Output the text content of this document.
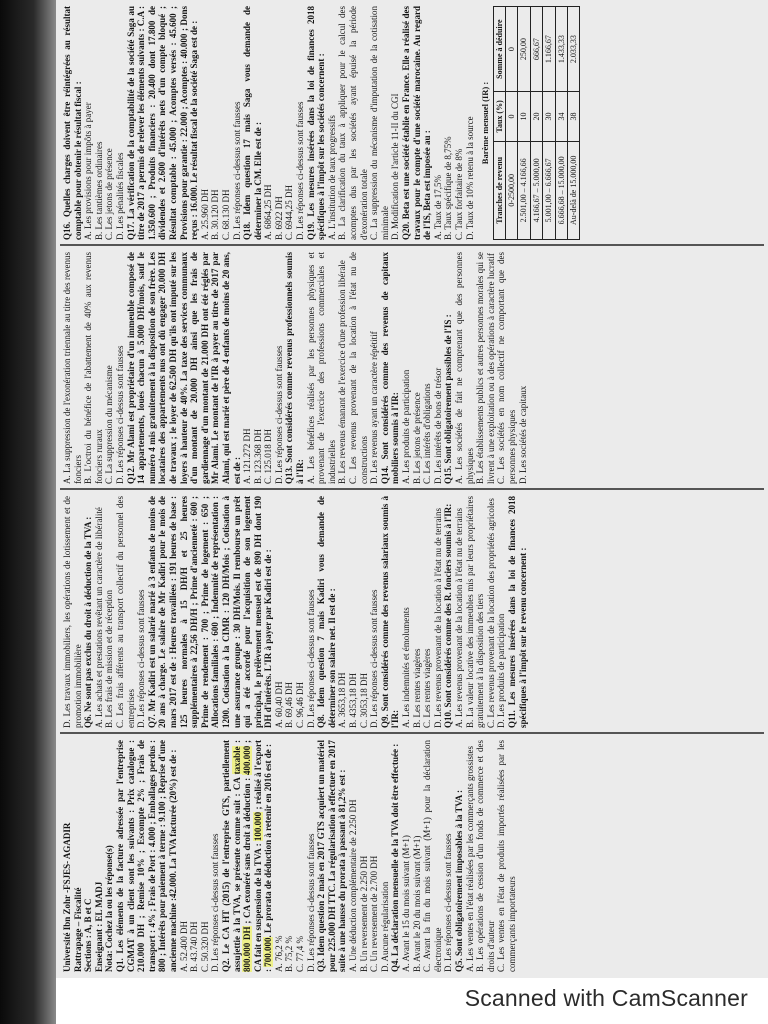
Université Ibn Zohr -FSJES- AGADIR Rattrapage – Fiscalité Sections : A, B et C Enseignant : EL MADJ Nota: Cochez la ou les réponse(s) Q1. Les éléments de la facture adressée par l'entreprise CGMAT à un client sont les suivants : Prix catalogue : 210.000 DH ; Remise 10% ; Escompte 2% ; Frais de transport : 4% ; Frais de Port : 4.000 ; Emballages perdus : 800 ; Intérêts pour paiement à terme : 9.100 ; Reprise d'une ancienne machine :42.000. La TVA facturée (20%) est de : A. 52.400 DH B. 43.740 DH C. 50.320 DH D. Les réponses ci-dessus sont fausses Q2. Le CA HT (2015) de l'entreprise GTS, partiellement assujettie à la TVA, se présente comme suit : CA taxable : 800.000 DH ; CA exonéré sans droit à déduction : 400.000 ; CA fait en suspension de la TVA : 100.000 ; réalisé à l'export : 700.000. Le prorata de déduction à retenir en 2016 est de :

A. 76,2 % B. 75,2 % C. 77,4 % D. Les réponses ci-dessus sont fausses Q3. Idem question 2 mais en 2017 GTS acquiert un matériel pour 225.000 DH TTC. La régularisation à effectuer en 2017 suite à une hausse du prorata à passant à 81,2% est : A. Une déduction complémentaire de 2.250 DH B. Un reversement de 2.250 DH C. Un reversement de 2.700 DH D. Aucune régularisation Q4. La déclaration mensuelle de la TVA doit être effectuée : A. Avant le 15 du mois suivant (M+1) B. Avant le 20 du mois suivant (M+1) C. Avant la fin du mois suivant (M+1) pour la déclaration électronique D. Les réponses ci-dessus sont fausses Q5. Sont obligatoirement imposables à la TVA : A. Les ventes en l'état réalisées par les commerçants grossistes B. Les opérations de cession d'un fonds de commerce et des droits d'auteur C. Les ventes en l'état de produits importés réalisées par les commerçants importateurs

D. Les travaux immobiliers, les opérations de lotissement et de promotion immobilière Q6. Ne sont pas exclus du droit à déduction de la TVA : A. Les achats et prestations revêtant un caractère de libéralité B. Les frais de mission et de réception C. Les frais afférents au transport collectif du personnel des entreprises D. Les réponses ci-dessus sont fausses Q7. Mr Kadiri est un salarié marié à 3 enfants de moins de 20 ans à charge. Le salaire de Mr Kadiri pour le mois de mars 2017 est de : Heures travaillées : 191 heures de base : 125 heures normales à 15 DH/H et 25 heures supplémentaires à 22,56 DH/H ; Prime d'ancienneté : 600 ; Prime de rendement : 700 ; Prime de logement : 650 ; Allocations familiales : 600 ; Indemnité de représentation : 1200. Cotisation à la CIMR : 120 DH/Mois ; Cotisation à une assurance groupe : 30 DH/Mois. Il rembourse un prêt qui a été accordé pour l'acquisition de son logement principal, le prélèvement mensuel est de 890 DH dont 190 DH d'intérêts. L'IR à payer par Kadiri est de : A. 60,40 DH B. 69,46 DH C. 96,46 DH D. Les réponses ci-dessus sont fausses Q8. Idem question 7 mais Kadiri vous demande de déterminer son salaire net. Il est de : A. 3653,18 DH B. 4353,18 DH C. 3053,18 DH D. Les réponses ci-dessus sont fausses Q9. Sont considérés comme des revenus salariaux soumis à l'IR: A. Les indemnités et émoluments B. Les rentes viagères C. Les rentes viagères D. Les revenus provenant de la location à l'état nu de terrains Q10. Sont considérés comme des R. fonciers soumis à l'IR: A. Les revenus provenant de la location à l'état nu de terrains B. La valeur locative des immeubles mis par leurs propriétaires gratuitement à la disposition des tiers C. Les revenus provenant de la location des propriétés agricoles D. Les produits de participation Q11. Les mesures insérées dans la loi de finances 2018 spécifiques à l'impôt sur le revenu concernent :

A. La suppression de l'exonération triennale au titre des revenus fonciers B. L'octroi du bénéfice de l'abattement de 40% aux revenus fonciers ruraux C. La suppression du mécanisme D. Les réponses ci-dessus sont fausses Q12. Mr Alami est propriétaire d'un immeuble composé de 14 appartements, loués chacun à 5.000 DH/mois, sauf le numéro 4 mis gratuitement à la disposition de son frère. Les locataires des appartements nus ont dû engager 20.000 DH de travaux ; le loyer de 62.500 DH qu'ils ont imputé sur les loyers à hauteur de 40%. La taxe des services communaux d'un montant de 20.000 DH ainsi que les frais de gardiennage d'un montant de 21.000 DH ont été réglés par Mr Alami. Le montant de l'IR à payer au titre de 2017 par Alami, qui est marié et père de 4 enfants de moins de 20 ans, est de : A. 121.272 DH B. 123.368 DH C. 125.018 DH D. Les réponses ci-dessus sont fausses Q13. Sont considérés comme revenus professionnels soumis à l'IR: A. Les bénéfices réalisés par les personnes physiques et provenant de l'exercice des professions commerciales et industrielles B. Les revenus émanant de l'exercice d'une profession libérale C. Les revenus provenant de la location à l'état nu de constructions D. Les revenus ayant un caractère répétitif Q14. Sont considérés comme des revenus de capitaux mobiliers soumis à l'IR: A. Les produits de participation B. Les jetons de présence C. Les intérêts d'obligations D. Les intérêts de bons de trésor Q15. Sont obligatoirement passibles de l'IS : A. Les sociétés de fait ne comprenant que des personnes physiques B. Les établissements publics et autres personnes morales qui se livrent à une exploitation ou à des opérations à caractère lucratif C. Les sociétés en nom collectif ne comportant que des personnes physiques D. Les sociétés de capitaux

Q16. Quelles charges doivent être réintégrées au résultat comptable pour obtenir le résultat fiscal : A. Les provisions pour impôts à payer B. Les tantièmes ordinaires C. Les jetons de présence D. Les pénalités fiscales Q17. La vérification de la comptabilité de la société Saga au titre de 2017 a permis de relever les éléments suivants : C.A : 1.350.600 ; Produits financiers : 20.400 dont 17.800 de dividendes et 2.600 d'intérêts nets d'un compte bloqué ; Résultat comptable : 45.000 ; Acomptes versés : 45.600 ; Provisions pour garantie : 22.000 ; Acomptes : 40.000 ; Dons reçus : 16.000. Le résultat fiscal de la société Saga est de : A. 25.960 DH B. 30.120 DH C. 68.130 DH D. Les réponses ci-dessus sont fausses Q18. Idem question 17 mais Saga vous demande de déterminer la CM. Elle est de : A. 6864,25 DH B. 6922 DH C. 6944,25 DH D. Les réponses ci-dessus sont fausses Q19. Les mesures insérées dans la loi de finances 2018 spécifiques à l'impôt sur les sociétés concernent : A. L'institution de taux progressifs B. La clarification du taux à appliquer pour le calcul des acomptes dus par les sociétés ayant épuisé la période d'exonération totale C. La suppression du mécanisme d'imputation de la cotisation minimale D. Modification de l'article 11-II du CGI Q20. Beta est une société établie en France. Elle a réalisé des travaux pour le compte d'une société marocaine. Au regard de l'IS, Beta est imposée au : A. Taux de 17,5% B. Taux spécifique de 8,75% C. Taux forfaitaire de 8% D. Taux de 10% retenu à la source Barème mensuel (IR) :
Tranches de revenu	Taux (%)	Somme à déduire
0-2500,00	0	0
2.501,00 – 4.166,66	10	250,00
4.166,67 – 5.000,00	20	666,67
5.001,00 – 6.666,67	30	1.166,67
6.666,68 – 15.000,00	34	1.433,33
Au-delà de 15.000,00	38	2.033,33
Scanned with CamScanner
